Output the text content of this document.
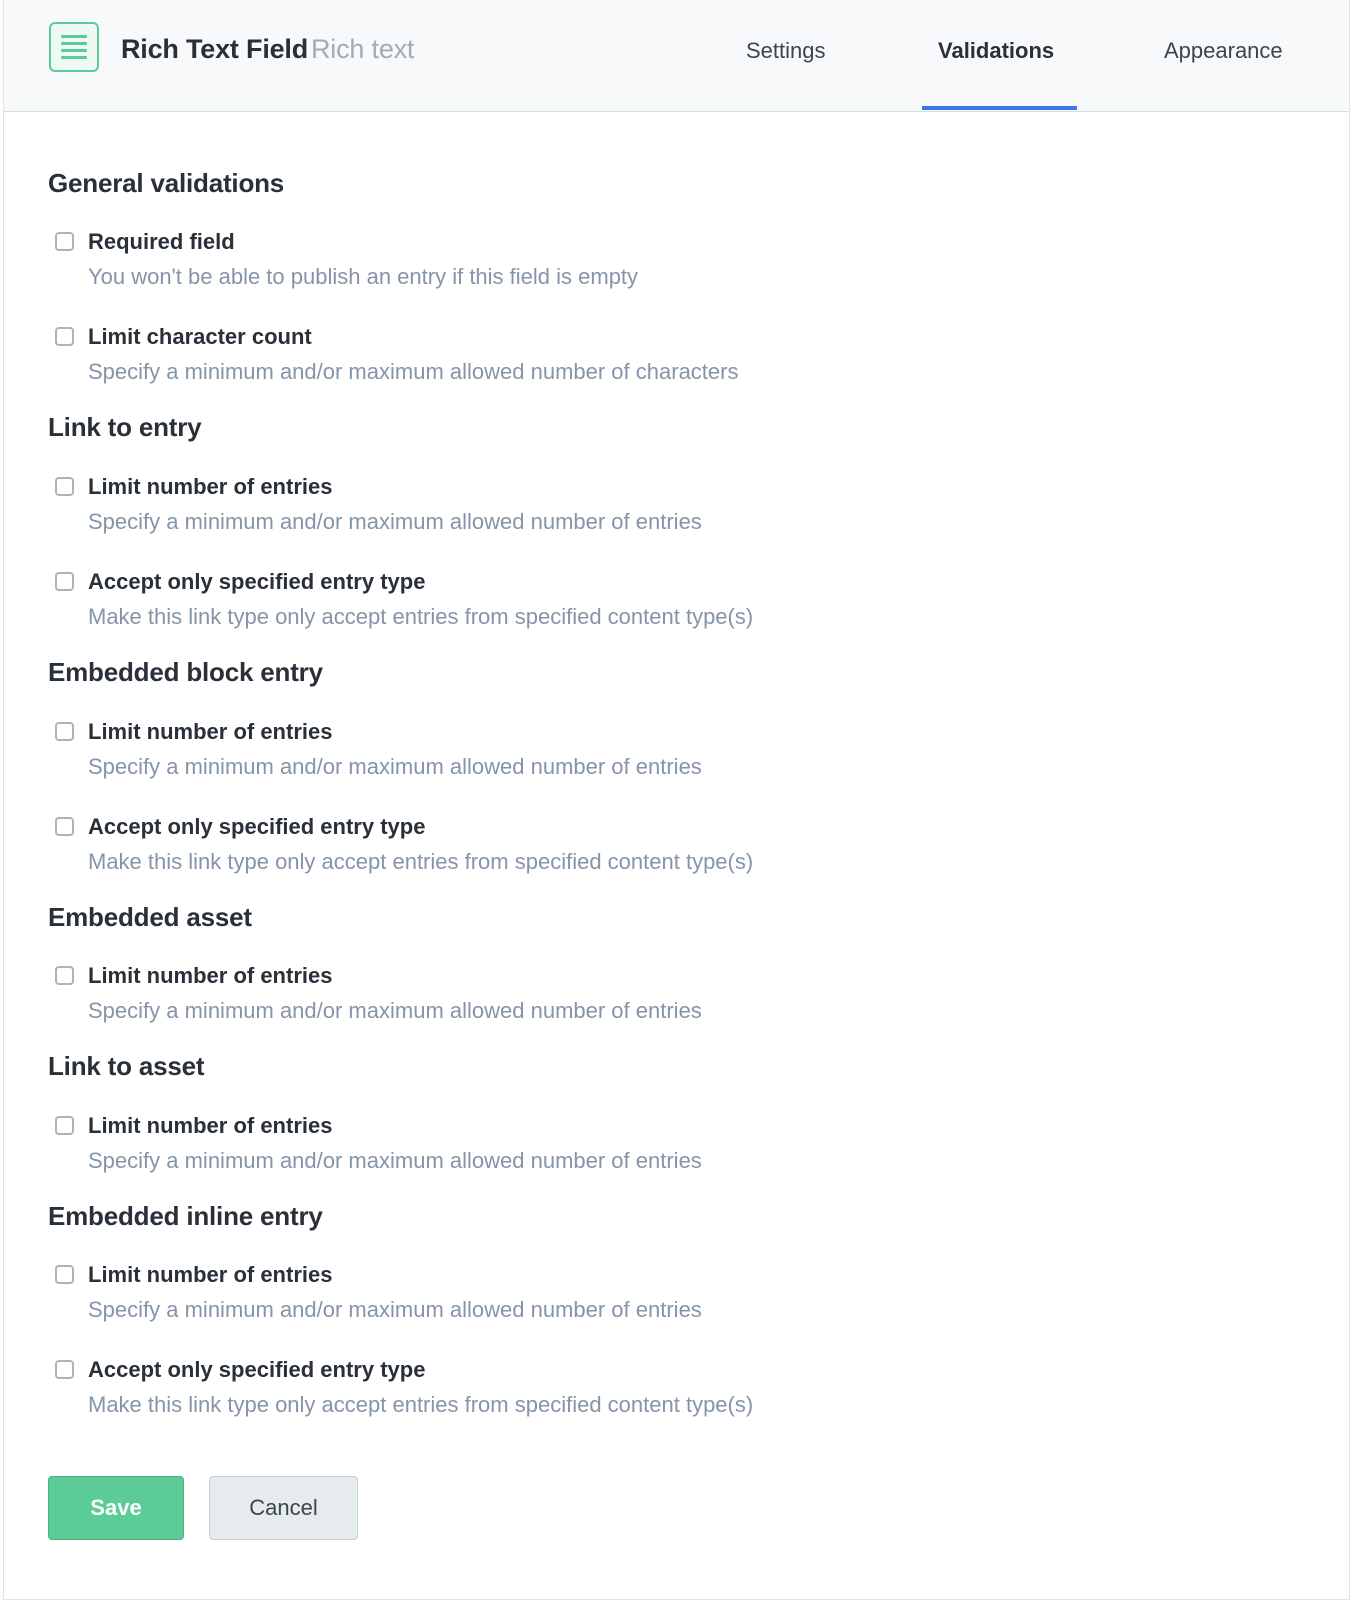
Rich Text Field Rich text	Settings	Validations	Appearance
General validations
Required field
You won't be able to publish an entry if this field is empty
Limit character count
Specify a minimum and/or maximum allowed number of characters
Link to entry
Limit number of entries
Specify a minimum and/or maximum allowed number of entries
Accept only specified entry type
Make this link type only accept entries from specified content type(s)
Embedded block entry
Limit number of entries
Specify a minimum and/or maximum allowed number of entries
Accept only specified entry type
Make this link type only accept entries from specified content type(s)
Embedded asset
Limit number of entries
Specify a minimum and/or maximum allowed number of entries
Link to asset
Limit number of entries
Specify a minimum and/or maximum allowed number of entries
Embedded inline entry
Limit number of entries
Specify a minimum and/or maximum allowed number of entries
Accept only specified entry type
Make this link type only accept entries from specified content type(s)
Save	Cancel
